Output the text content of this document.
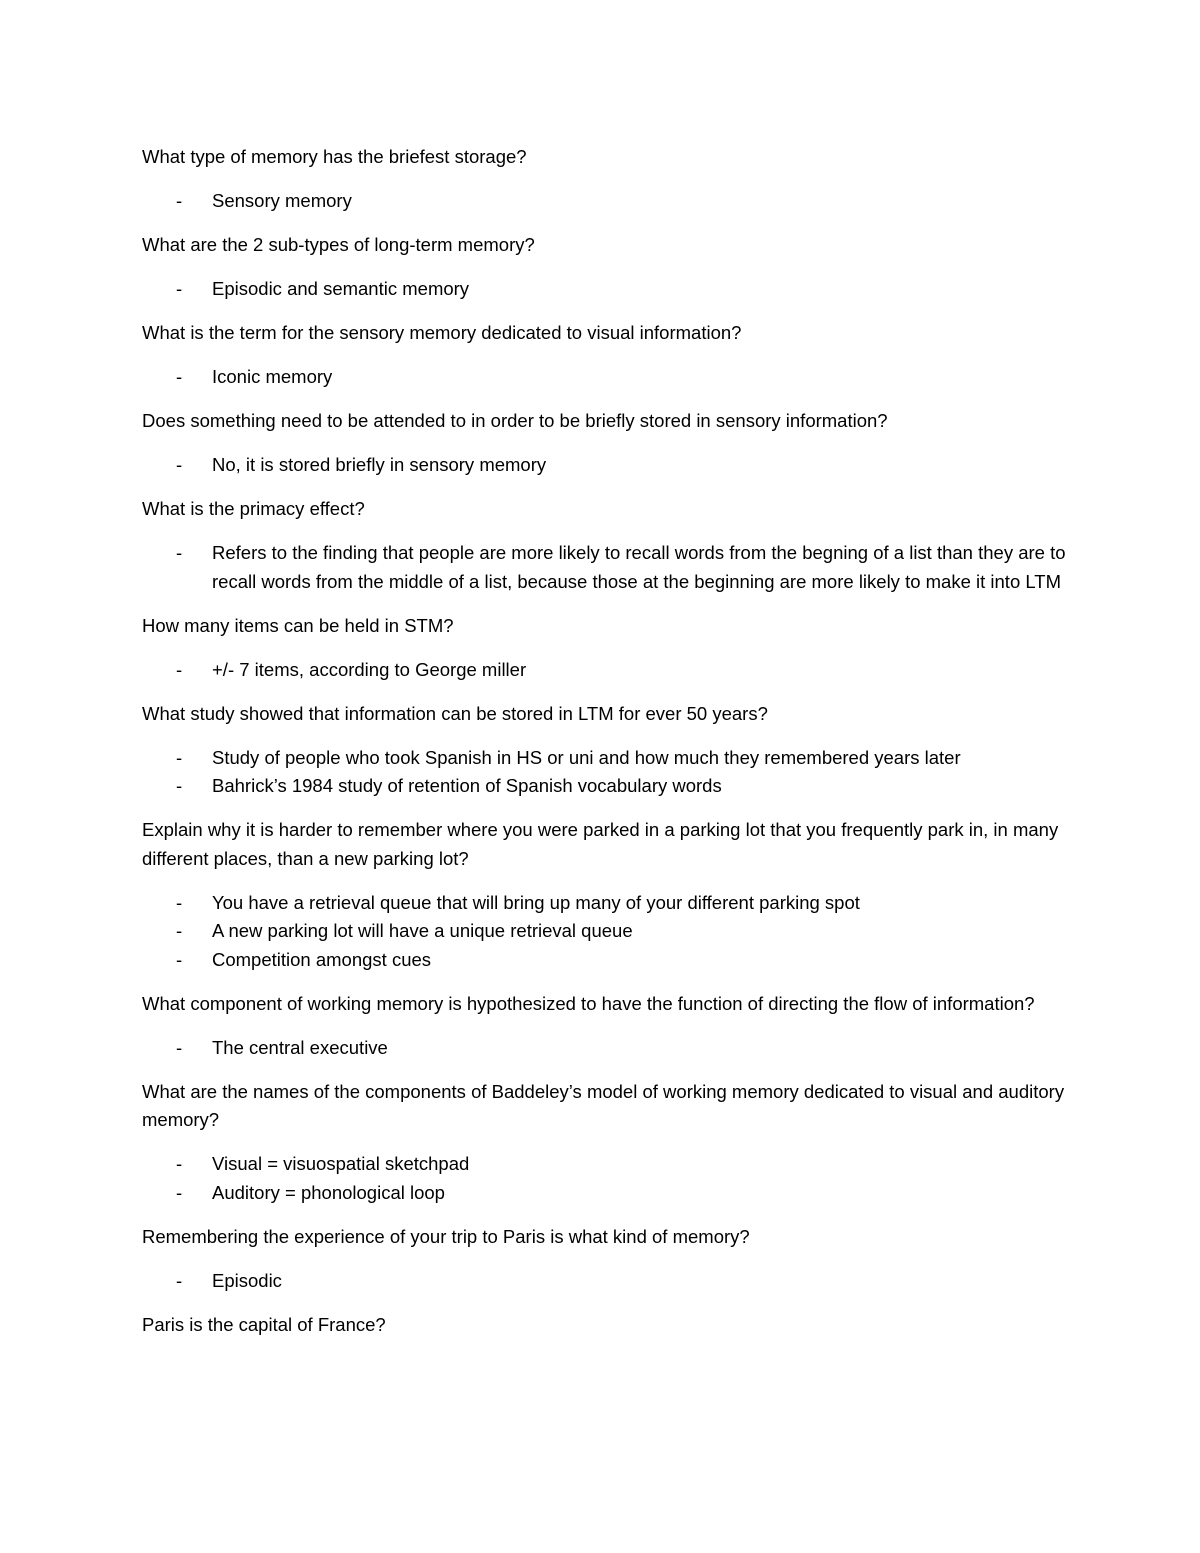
What type of memory has the briefest storage?

- Sensory memory

What are the 2 sub-types of long-term memory?

- Episodic and semantic memory

What is the term for the sensory memory dedicated to visual information?

- Iconic memory

Does something need to be attended to in order to be briefly stored in sensory information?

- No, it is stored briefly in sensory memory

What is the primacy effect?

- Refers to the finding that people are more likely to recall words from the begning of a list than they are to recall words from the middle of a list, because those at the beginning are more likely to make it into LTM

How many items can be held in STM?

- +/- 7 items, according to George miller

What study showed that information can be stored in LTM for ever 50 years?

- Study of people who took Spanish in HS or uni and how much they remembered years later
- Bahrick’s 1984 study of retention of Spanish vocabulary words

Explain why it is harder to remember where you were parked in a parking lot that you frequently park in, in many different places, than a new parking lot?

- You have a retrieval queue that will bring up many of your different parking spot
- A new parking lot will have a unique retrieval queue
- Competition amongst cues

What component of working memory is hypothesized to have the function of directing the flow of information?

- The central executive

What are the names of the components of Baddeley’s model of working memory dedicated to visual and auditory memory?

- Visual = visuospatial sketchpad
- Auditory = phonological loop

Remembering the experience of your trip to Paris is what kind of memory?

- Episodic

Paris is the capital of France?
